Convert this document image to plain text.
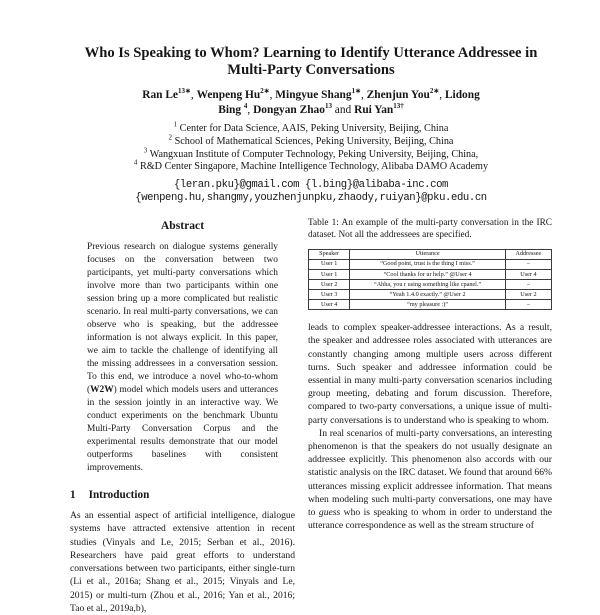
Who Is Speaking to Whom? Learning to Identify Utterance Addressee in Multi-Party Conversations
Ran $Le^{13∗}$, Wenpeng $Hu^{2∗}$, Mingyue Shang$^{1∗}$, Zhenjun You$^{2∗}$, Lidong Bing $^4$, Dongyan Zhao$^{13}$ and Rui Yan$^{13\dagger}$
$^1$ Center for Data Science, AAIS, Peking University, Beijing, China
$^2$ School of Mathematical Sciences, Peking University, Beijing, China
$^3$ Wangxuan Institute of Computer Technology, Peking University, Beijing, China,
$^4$ R&D Center Singapore, Machine Intelligence Technology, Alibaba DAMO Academy
{leran.pku}@gmail.com {l.bing}@alibaba-inc.com
{wenpeng.hu,shangmy,youzhenjunpku,zhaody,ruiyan}@pku.edu.cn
Abstract

Previous research on dialogue systems generally focuses on the conversation between two participants, yet multi-party conversations which involve more than two participants within one session bring up a more complicated but realistic scenario. In real multi-party conversations, we can observe who is speaking, but the addressee information is not always explicit. In this paper, we aim to tackle the challenge of identifying all the missing addressees in a conversation session. To this end, we introduce a novel who-to-whom (W2W) model which models users and utterances in the session jointly in an interactive way. We conduct experiments on the benchmark Ubuntu Multi-Party Conversation Corpus and the experimental results demonstrate that our model outperforms baselines with consistent improvements.

1 Introduction

As an essential aspect of artificial intelligence, dialogue systems have attracted extensive attention in recent studies (Vinyals and Le, 2015; Serban et al., 2016). Researchers have paid great efforts to understand conversations between two participants, either single-turn (Li et al., 2016a; Shang et al., 2015; Vinyals and Le, 2015) or multi-turn (Zhou et al., 2016; Yan et al., 2016; Tao et al., 2019a,b),

Table 1: An example of the multi-party conversation in the IRC dataset. Not all the addressees are specified.
Speaker	Utterance	Addressee
User 1	“Good point, trust is the thing I miss.”	–
User 1	“Cool thanks for ur help.” @User 4	User 4
User 2	“Ahha, you r using something like cpanel.”	–
User 3	“Yeah 1.4.0 exactly.” @User 2	User 2
User 4	“my pleasure :)”	–

leads to complex speaker-addressee interactions. As a result, the speaker and addressee roles associated with utterances are constantly changing among multiple users across different turns. Such speaker and addressee information could be essential in many multi-party conversation scenarios including group meeting, debating and forum discussion. Therefore, compared to two-party conversations, a unique issue of multi-party conversations is to understand who is speaking to whom.

In real scenarios of multi-party conversations, an interesting phenomenon is that the speakers do not usually designate an addressee explicitly. This phenomenon also accords with our statistic analysis on the IRC dataset. We found that around 66% utterances missing explicit addressee information. That means when modeling such multi-party conversations, one may have to guess who is speaking to whom in order to understand the utterance correspondence as well as the stream structure of
